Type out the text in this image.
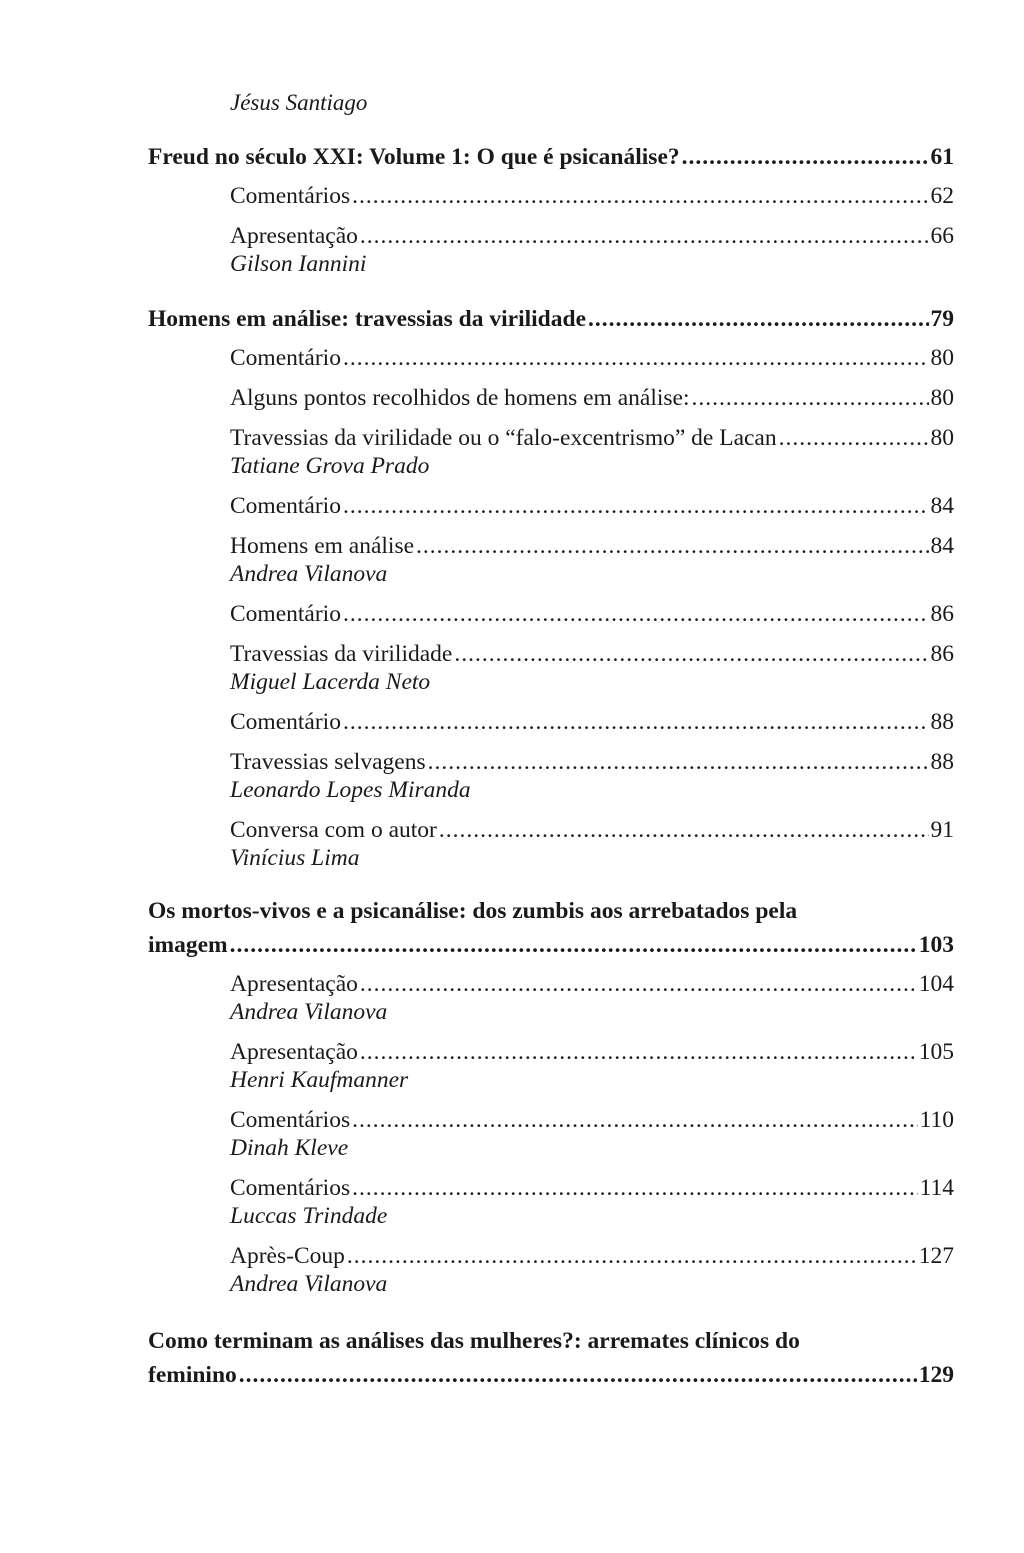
Jésus Santiago
Freud no século XXI: Volume 1: O que é psicanálise? .....	61
Comentários .....	62
Apresentação .....	66
Gilson Iannini
Homens em análise: travessias da virilidade .....	79
Comentário .....	80
Alguns pontos recolhidos de homens em análise: .....	80
Travessias da virilidade ou o “falo-excentrismo” de Lacan .....	80
Tatiane Grova Prado
Comentário .....	84
Homens em análise .....	84
Andrea Vilanova
Comentário .....	86
Travessias da virilidade .....	86
Miguel Lacerda Neto
Comentário .....	88
Travessias selvagens .....	88
Leonardo Lopes Miranda
Conversa com o autor .....	91
Vinícius Lima
Os mortos-vivos e a psicanálise: dos zumbis aos arrebatados pela
imagem .....	103
Apresentação .....	104
Andrea Vilanova
Apresentação .....	105
Henri Kaufmanner
Comentários .....	110
Dinah Kleve
Comentários .....	114
Luccas Trindade
Après-Coup .....	127
Andrea Vilanova
Como terminam as análises das mulheres?: arremates clínicos do
feminino .....	129
